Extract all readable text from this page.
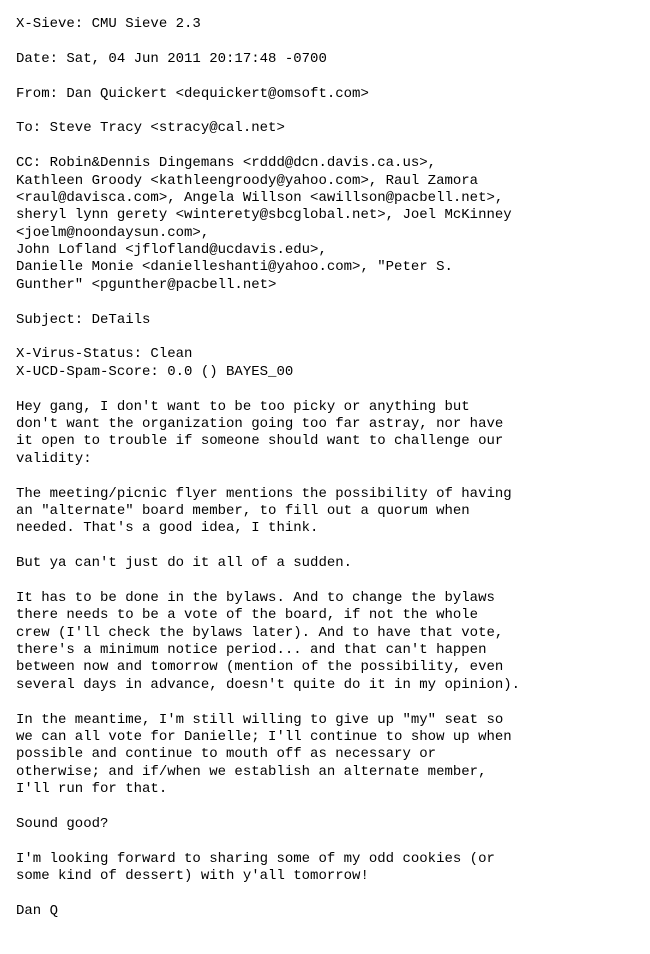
X-Sieve: CMU Sieve 2.3
Date: Sat, 04 Jun 2011 20:17:48 -0700
From: Dan Quickert <dequickert@omsoft.com>
To: Steve Tracy <stracy@cal.net>
CC: Robin&Dennis Dingemans <rddd@dcn.davis.ca.us>,
Kathleen Groody <kathleengroody@yahoo.com>, Raul Zamora
<raul@davisca.com>, Angela Willson <awillson@pacbell.net>,
sheryl lynn gerety <winterety@sbcglobal.net>, Joel McKinney
<joelm@noondaysun.com>,
John Lofland <jflofland@ucdavis.edu>,
Danielle Monie <danielleshanti@yahoo.com>, "Peter S.
Gunther" <pgunther@pacbell.net>
Subject: DeTails
X-Virus-Status: Clean
X-UCD-Spam-Score: 0.0 () BAYES_00
Hey gang, I don't want to be too picky or anything but
don't want the organization going too far astray, nor have
it open to trouble if someone should want to challenge our
validity:
The meeting/picnic flyer mentions the possibility of having
an "alternate" board member, to fill out a quorum when
needed. That's a good idea, I think.
But ya can't just do it all of a sudden.
It has to be done in the bylaws. And to change the bylaws
there needs to be a vote of the board, if not the whole
crew (I'll check the bylaws later). And to have that vote,
there's a minimum notice period... and that can't happen
between now and tomorrow (mention of the possibility, even
several days in advance, doesn't quite do it in my opinion).
In the meantime, I'm still willing to give up "my" seat so
we can all vote for Danielle; I'll continue to show up when
possible and continue to mouth off as necessary or
otherwise; and if/when we establish an alternate member,
I'll run for that.
Sound good?
I'm looking forward to sharing some of my odd cookies (or
some kind of dessert) with y'all tomorrow!
Dan Q
